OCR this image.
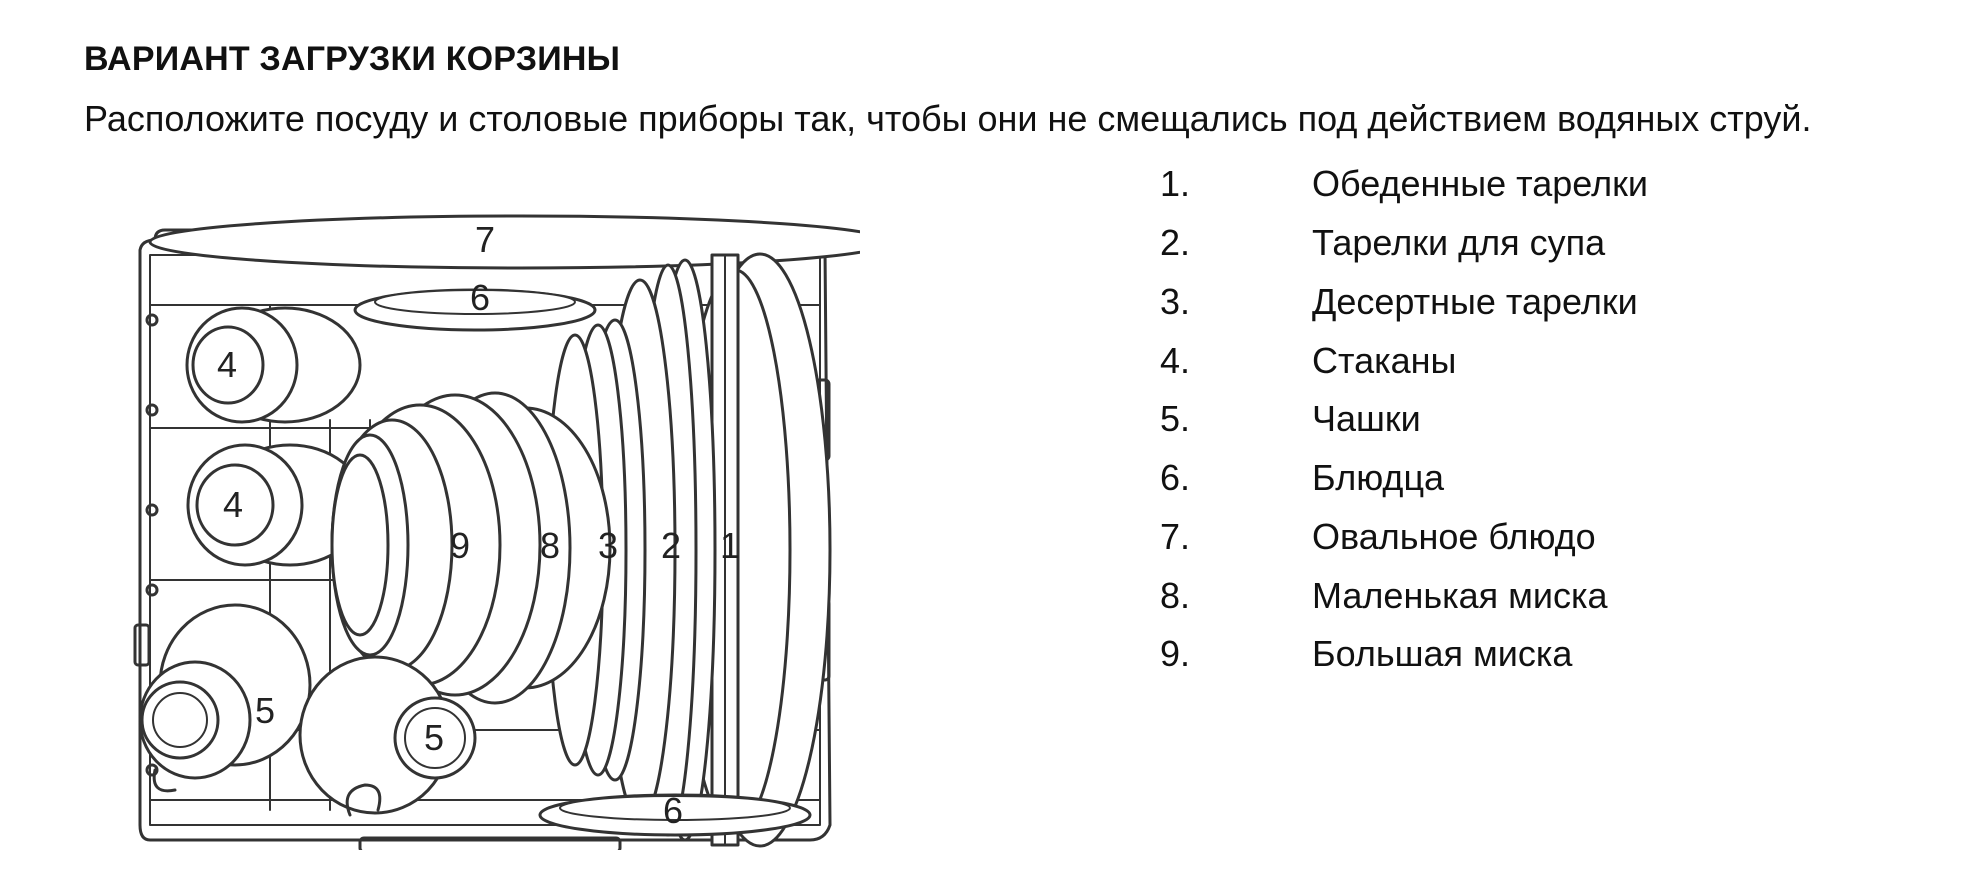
ВАРИАНТ ЗАГРУЗКИ КОРЗИНЫ
Расположите посуду и столовые приборы так, чтобы они не смещались под действием водяных струй.
7
6
4
4
9 8 3 2 1
5
5
6
1.	Обеденные тарелки
2.	Тарелки для супа
3.	Десертные тарелки
4.	Стаканы
5.	Чашки
6.	Блюдца
7.	Овальное блюдо
8.	Маленькая миска
9.	Большая миска
